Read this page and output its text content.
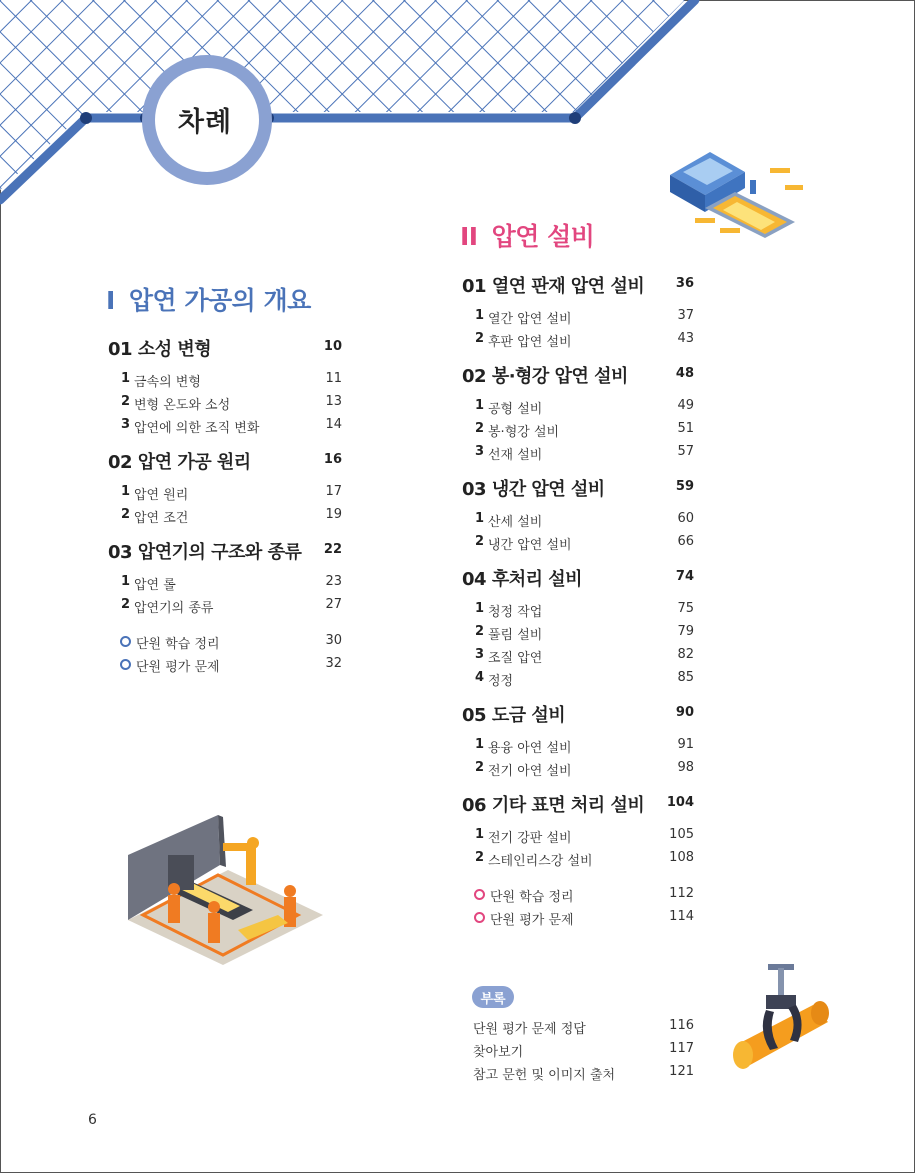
차례
I 압연 가공의 개요
01 소성 변형	10
1 금속의 변형	11
2 변형 온도와 소성	13
3 압연에 의한 조직 변화	14
02 압연 가공 원리	16
1 압연 원리	17
2 압연 조건	19
03 압연기의 구조와 종류 22
1 압연 롤	23
2 압연기의 종류	27
단원 학습 정리	30
단원 평가 문제	32
II 압연 설비
01 열연 판재 압연 설비 36
1 열간 압연 설비	37
2 후판 압연 설비	43
02 봉·형강 압연 설비	48
1 공형 설비	49
2 봉·형강 설비	51
3 선재 설비	57
03 냉간 압연 설비	59
1 산세 설비	60
2 냉간 압연 설비	66
04 후처리 설비	74
1 청정 작업	75
2 풀림 설비	79
3 조질 압연	82
4 정정	85
05 도금 설비	90
1 용융 아연 설비	91
2 전기 아연 설비	98
06 기타 표면 처리 설비 104
1 전기 강판 설비	105
2 스테인리스강 설비	108
단원 학습 정리	112
단원 평가 문제	114
부록
단원 평가 문제 정답	116
찾아보기	117
참고 문헌 및 이미지 출처	121
6
